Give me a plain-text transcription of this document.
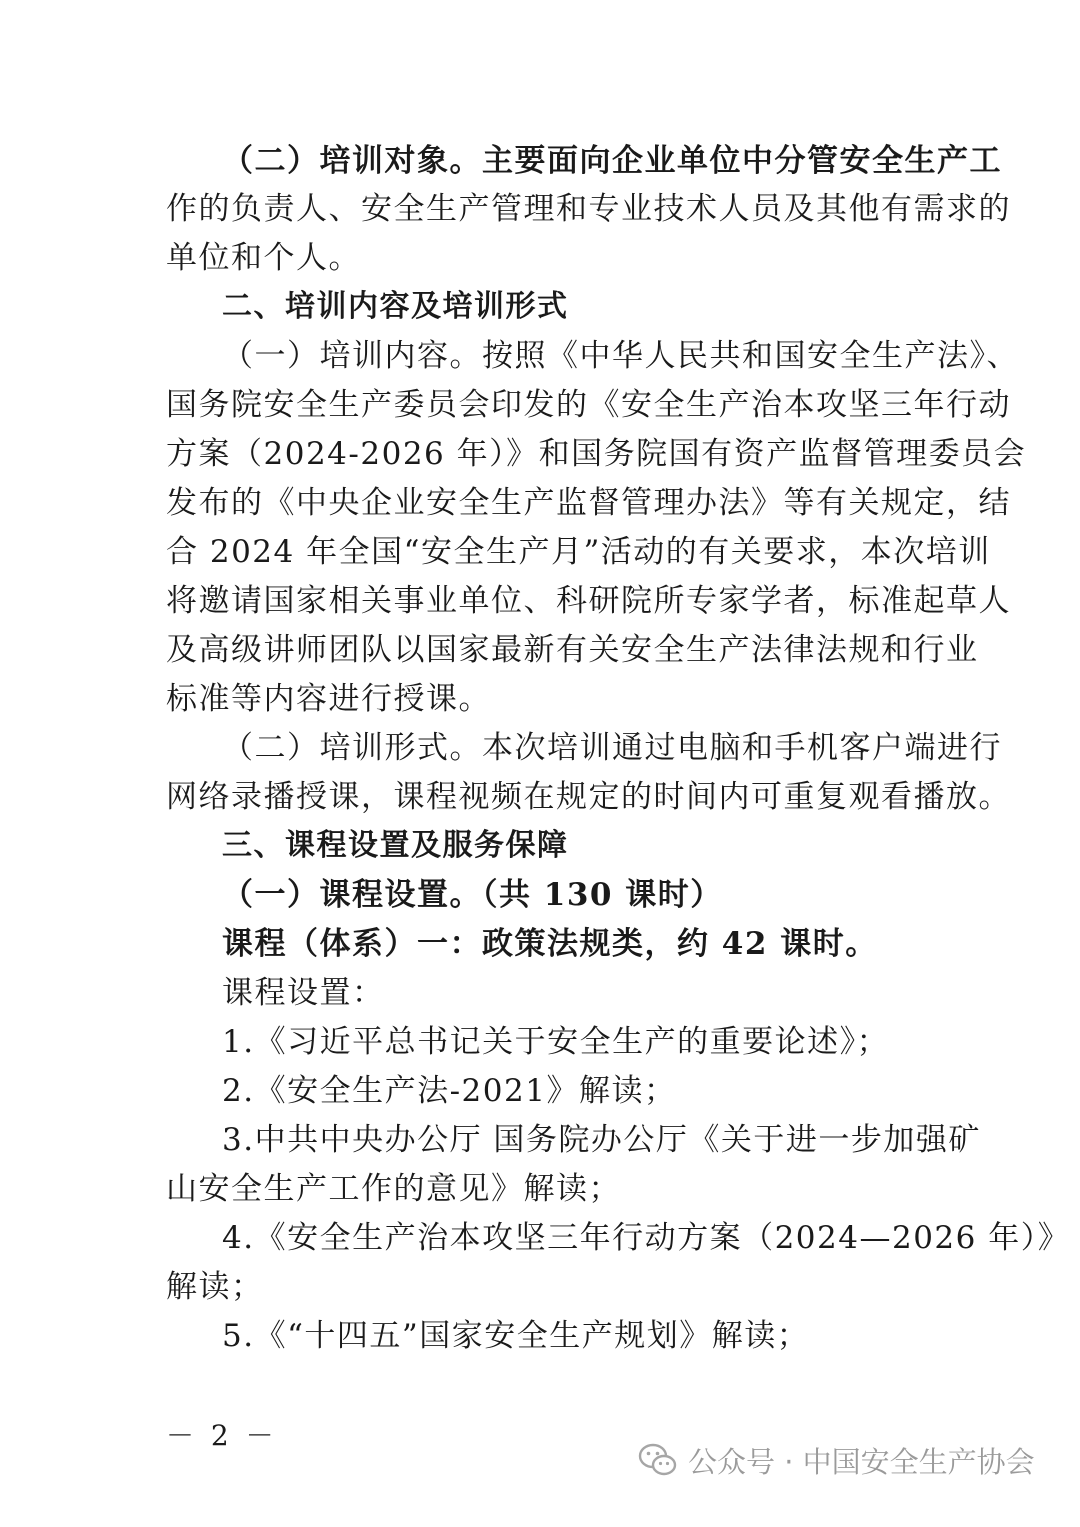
（二）培训对象。主要面向企业单位中分管安全生产工
作的负责人、安全生产管理和专业技术人员及其他有需求的
单位和个人。
二、培训内容及培训形式
（一）培训内容。按照《中华人民共和国安全生产法》、
国务院安全生产委员会印发的《安全生产治本攻坚三年行动
方案（2024-2026 年）》和国务院国有资产监督管理委员会
发布的《中央企业安全生产监督管理办法》等有关规定，结
合 2024 年全国“安全生产月”活动的有关要求，本次培训
将邀请国家相关事业单位、科研院所专家学者，标准起草人
及高级讲师团队以国家最新有关安全生产法律法规和行业
标准等内容进行授课。
（二）培训形式。本次培训通过电脑和手机客户端进行
网络录播授课，课程视频在规定的时间内可重复观看播放。
三、课程设置及服务保障
（一）课程设置。（共 130 课时）
课程（体系）一：政策法规类，约 42 课时。
课程设置：
1.《习近平总书记关于安全生产的重要论述》；
2.《安全生产法-2021》解读；
3.中共中央办公厅 国务院办公厅《关于进一步加强矿
山安全生产工作的意见》解读；
4.《安全生产治本攻坚三年行动方案（2024—2026 年）》
解读；
5.《“十四五”国家安全生产规划》解读；
－ 2 －
公众号 · 中国安全生产协会
